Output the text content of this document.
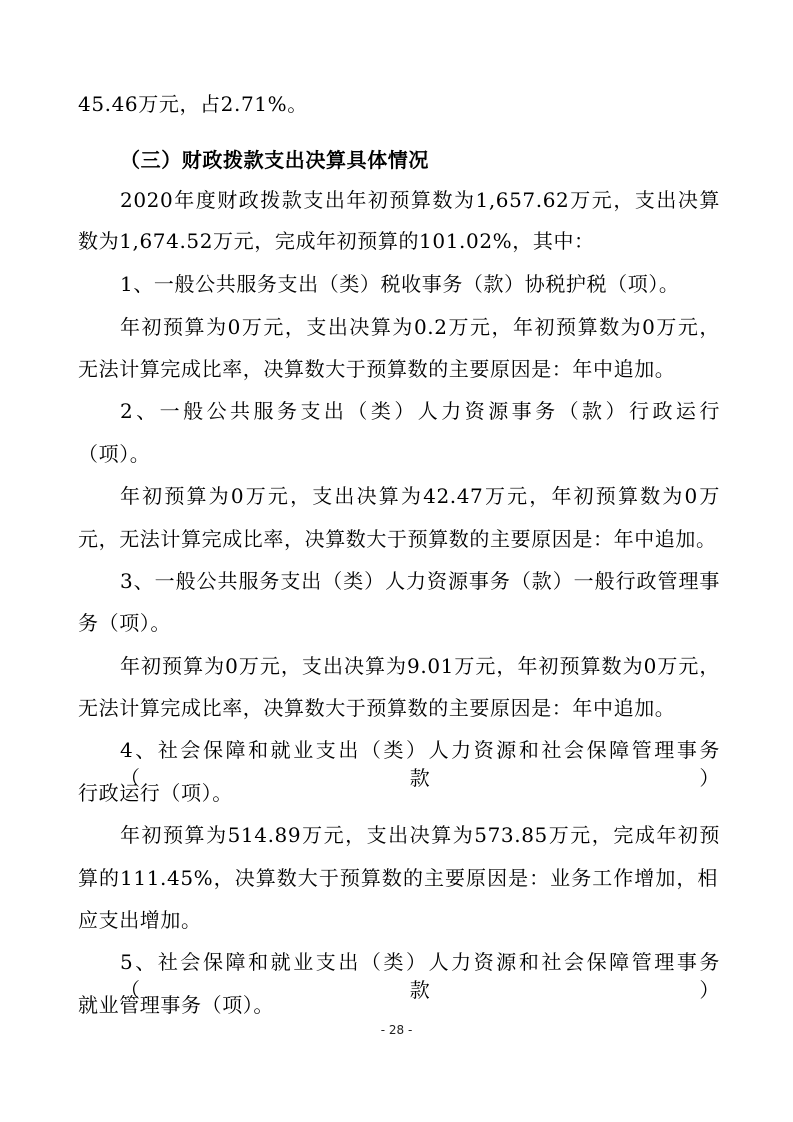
45.46万元，占2.71%。
（三）财政拨款支出决算具体情况
2020年度财政拨款支出年初预算数为1,657.62万元，支出决算
数为1,674.52万元，完成年初预算的101.02%，其中：
1、一般公共服务支出（类）税收事务（款）协税护税（项）。
年初预算为0万元，支出决算为0.2万元，年初预算数为0万元，
无法计算完成比率，决算数大于预算数的主要原因是：年中追加。
2、一般公共服务支出（类）人力资源事务（款）行政运行
（项）。
年初预算为0万元，支出决算为42.47万元，年初预算数为0万
元，无法计算完成比率，决算数大于预算数的主要原因是：年中追加。
3、一般公共服务支出（类）人力资源事务（款）一般行政管理事
务（项）。
年初预算为0万元，支出决算为9.01万元，年初预算数为0万元，
无法计算完成比率，决算数大于预算数的主要原因是：年中追加。
4、社会保障和就业支出（类）人力资源和社会保障管理事务（款）
行政运行（项）。
年初预算为514.89万元，支出决算为573.85万元，完成年初预
算的111.45%，决算数大于预算数的主要原因是：业务工作增加，相
应支出增加。
5、社会保障和就业支出（类）人力资源和社会保障管理事务（款）
就业管理事务（项）。
- 28 -
